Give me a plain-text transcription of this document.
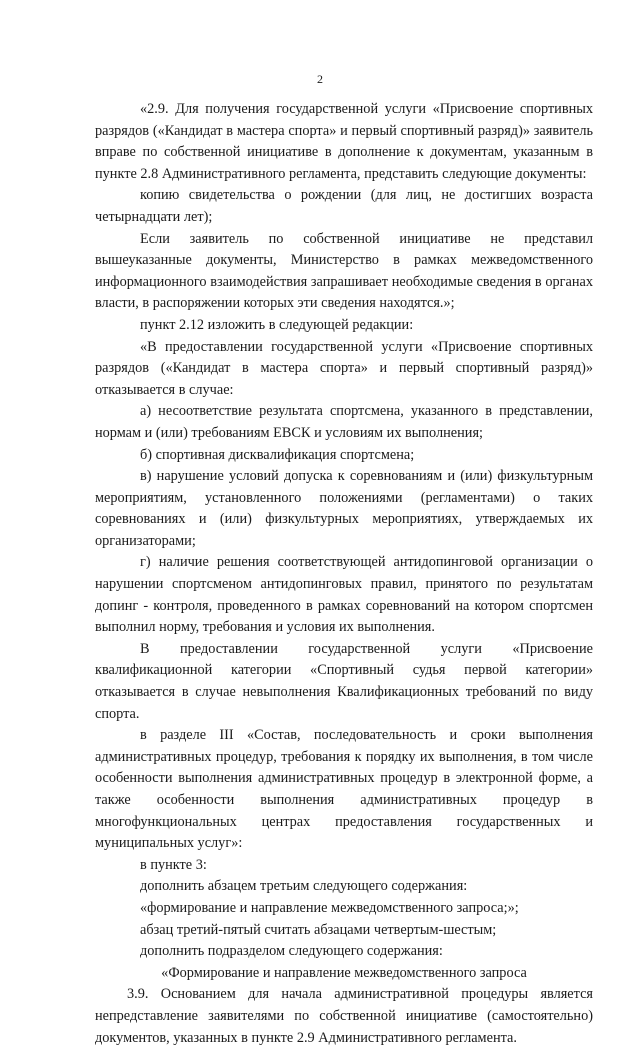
2

«2.9. Для получения государственной услуги «Присвоение спортивных разрядов («Кандидат в мастера спорта» и первый спортивный разряд)» заявитель вправе по собственной инициативе в дополнение к документам, указанным в пункте 2.8 Административного регламента, представить следующие документы:

копию свидетельства о рождении (для лиц, не достигших возраста четырнадцати лет);

Если заявитель по собственной инициативе не представил вышеуказанные документы, Министерство в рамках межведомственного информационного взаимодействия запрашивает необходимые сведения в органах власти, в распоряжении которых эти сведения находятся.»;

пункт 2.12 изложить в следующей редакции:

«В предоставлении государственной услуги «Присвоение спортивных разрядов («Кандидат в мастера спорта» и первый спортивный разряд)» отказывается в случае:

а) несоответствие результата спортсмена, указанного в представлении, нормам и (или) требованиям ЕВСК и условиям их выполнения;

б) спортивная дисквалификация спортсмена;

в) нарушение условий допуска к соревнованиям и (или) физкультурным мероприятиям, установленного положениями (регламентами) о таких соревнованиях и (или) физкультурных мероприятиях, утверждаемых их организаторами;

г) наличие решения соответствующей антидопинговой организации о нарушении спортсменом антидопинговых правил, принятого по результатам допинг - контроля, проведенного в рамках соревнований на котором спортсмен выполнил норму, требования и условия их выполнения.

В предоставлении государственной услуги «Присвоение квалификационной категории «Спортивный судья первой категории» отказывается в случае невыполнения Квалификационных требований по виду спорта.

в разделе III «Состав, последовательность и сроки выполнения административных процедур, требования к порядку их выполнения, в том числе особенности выполнения административных процедур в электронной форме, а также особенности выполнения административных процедур в многофункциональных центрах предоставления государственных и муниципальных услуг»:

в пункте 3:

дополнить абзацем третьим следующего содержания:

«формирование и направление межведомственного запроса;»;

абзац третий-пятый считать абзацами четвертым-шестым;

дополнить подразделом следующего содержания:

«Формирование и направление межведомственного запроса

3.9. Основанием для начала административной процедуры является непредставление заявителями по собственной инициативе (самостоятельно) документов, указанных в пункте 2.9 Административного регламента.
